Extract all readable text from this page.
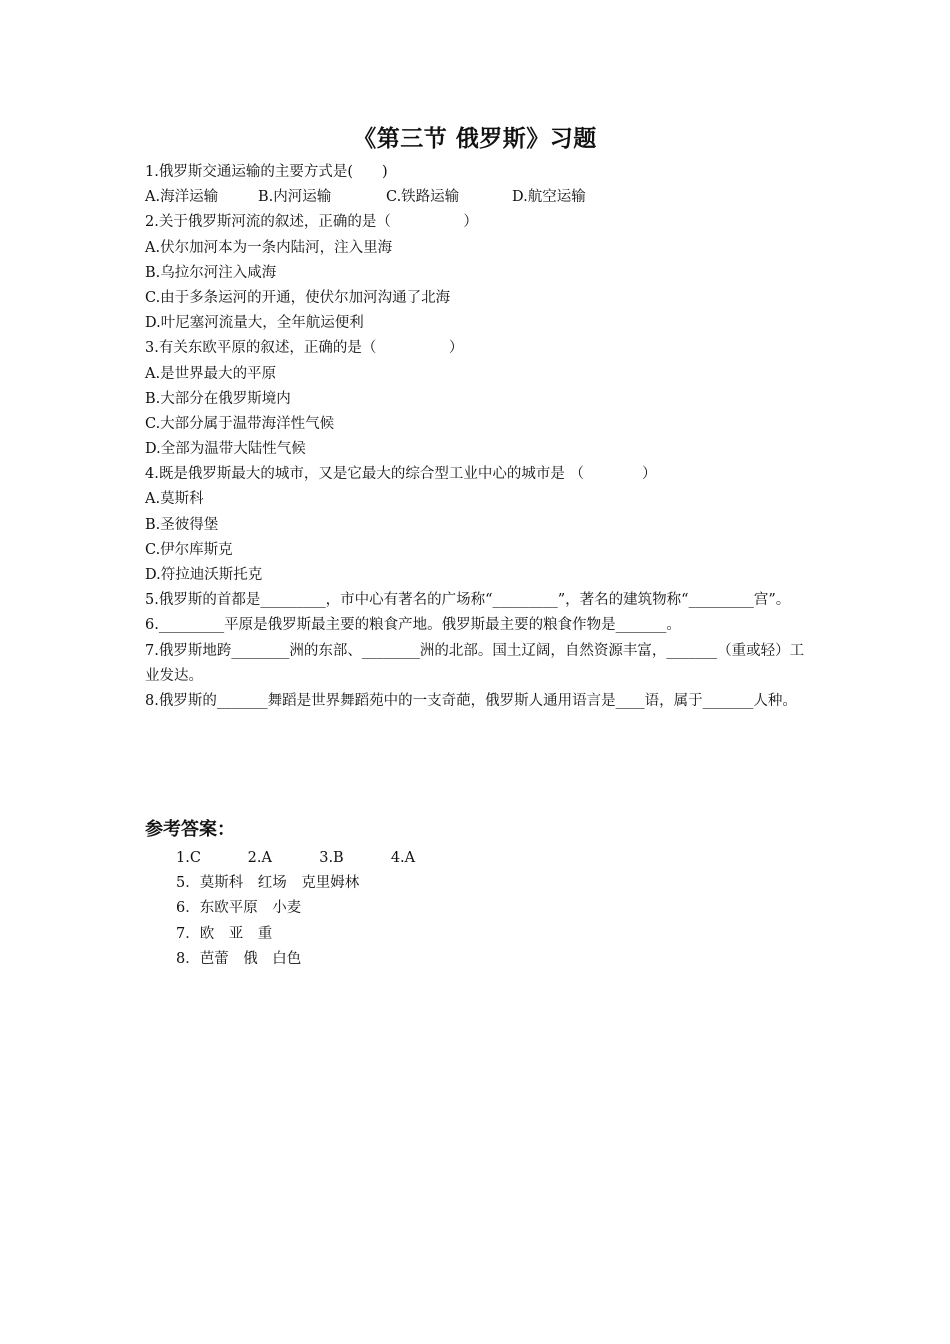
《第三节 俄罗斯》习题
1.俄罗斯交通运输的主要方式是(　　)
A.海洋运输	B.内河运输	C.铁路运输	D.航空运输
2.关于俄罗斯河流的叙述，正确的是（　　　　　）
A.伏尔加河本为一条内陆河，注入里海
B.乌拉尔河注入咸海
C.由于多条运河的开通，使伏尔加河沟通了北海
D.叶尼塞河流量大，全年航运便利
3.有关东欧平原的叙述，正确的是（　　　　　）
A.是世界最大的平原
B.大部分在俄罗斯境内
C.大部分属于温带海洋性气候
D.全部为温带大陆性气候
4.既是俄罗斯最大的城市，又是它最大的综合型工业中心的城市是 （　　　　）
A.莫斯科
B.圣彼得堡
C.伊尔库斯克
D.符拉迪沃斯托克
5.俄罗斯的首都是_________，市中心有著名的广场称“_________”，著名的建筑物称“_________宫”。
6._________平原是俄罗斯最主要的粮食产地。俄罗斯最主要的粮食作物是_______。
7.俄罗斯地跨________洲的东部、________洲的北部。国土辽阔，自然资源丰富，_______（重或轻）工业发达。
8.俄罗斯的_______舞蹈是世界舞蹈苑中的一支奇葩，俄罗斯人通用语言是____语，属于_______人种。
参考答案：
1.C	2.A	3.B	4.A
5．莫斯科　红场　克里姆林
6．东欧平原　小麦
7．欧　亚　重
8．芭蕾　俄　白色
